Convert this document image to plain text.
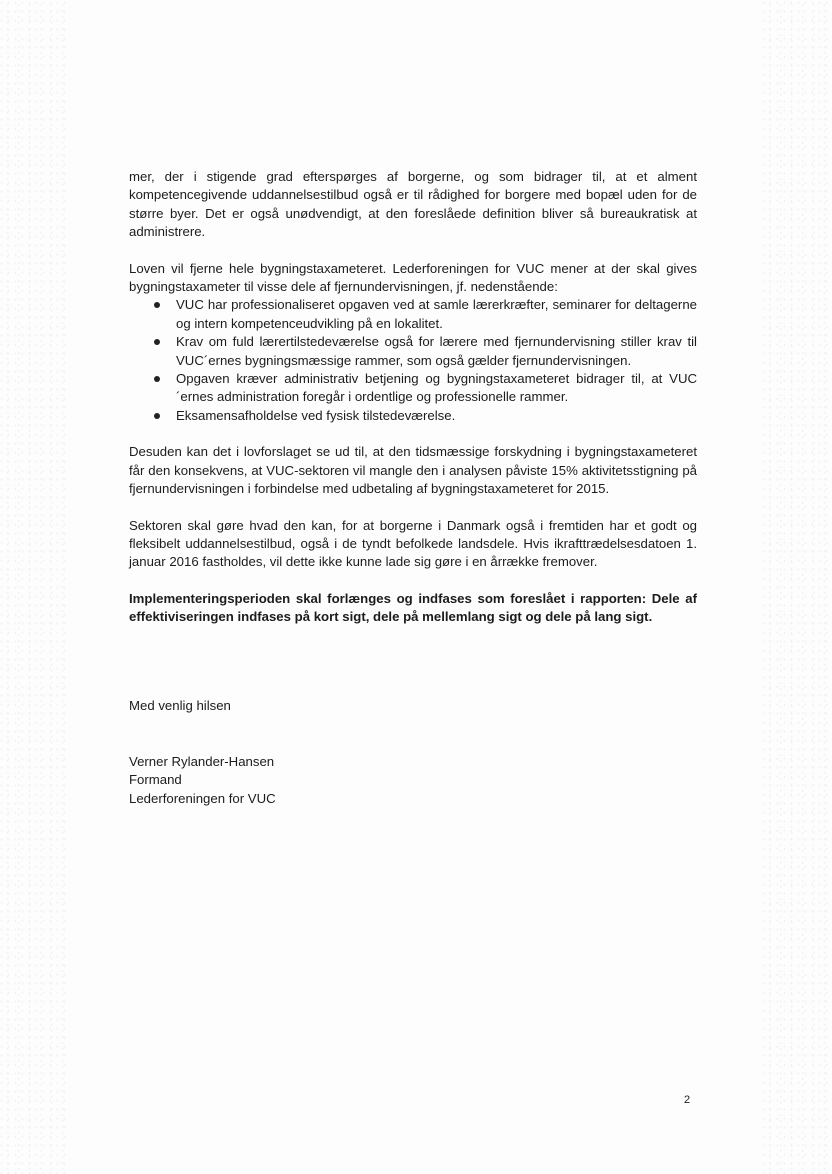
mer, der i stigende grad efterspørges af borgerne, og som bidrager til, at et alment kompetencegivende uddannelsestilbud også er til rådighed for borgere med bopæl uden for de større byer. Det er også unødvendigt, at den foreslåede definition bliver så bureaukratisk at administrere.

Loven vil fjerne hele bygningstaxameteret. Lederforeningen for VUC mener at der skal gives bygningstaxameter til visse dele af fjernundervisningen, jf. nedenstående:

VUC har professionaliseret opgaven ved at samle lærerkræfter, seminarer for deltagerne og intern kompetenceudvikling på en lokalitet.
Krav om fuld lærertilstedeværelse også for lærere med fjernundervisning stiller krav til VUC´ernes bygningsmæssige rammer, som også gælder fjernundervisningen.
Opgaven kræver administrativ betjening og bygningstaxameteret bidrager til, at VUC´ernes administration foregår i ordentlige og professionelle rammer.
Eksamensafholdelse ved fysisk tilstedeværelse.

Desuden kan det i lovforslaget se ud til, at den tidsmæssige forskydning i bygningstaxameteret får den konsekvens, at VUC-sektoren vil mangle den i analysen påviste 15% aktivitetsstigning på fjernundervisningen i forbindelse med udbetaling af bygningstaxameteret for 2015.

Sektoren skal gøre hvad den kan, for at borgerne i Danmark også i fremtiden har et godt og fleksibelt uddannelsestilbud, også i de tyndt befolkede landsdele. Hvis ikrafttrædelsesdatoen 1. januar 2016 fastholdes, vil dette ikke kunne lade sig gøre i en årrække fremover.

Implementeringsperioden skal forlænges og indfases som foreslået i rapporten: Dele af effektiviseringen indfases på kort sigt, dele på mellemlang sigt og dele på lang sigt.

Med venlig hilsen
Verner Rylander-Hansen
Formand
Lederforeningen for VUC
2
